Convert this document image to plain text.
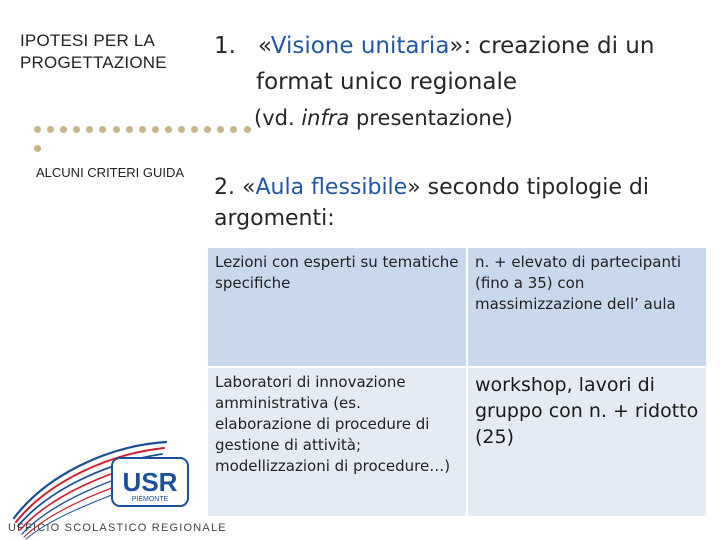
IPOTESI PER LA
PROGETTAZIONE
1. «Visione unitaria»: creazione di un
format unico regionale
(vd. infra presentazione)
ALCUNI CRITERI GUIDA
2. «Aula flessibile» secondo tipologie di
argomenti:
Lezioni con esperti su tematiche specifiche	n. + elevato di partecipanti (fino a 35) con massimizzazione dell’ aula
Laboratori di innovazione amministrativa (es. elaborazione di procedure di gestione di attività; modellizzazioni di procedure…)	workshop, lavori di gruppo con n. + ridotto (25)
USR
PIEMONTE
UFFICIO SCOLASTICO REGIONALE
